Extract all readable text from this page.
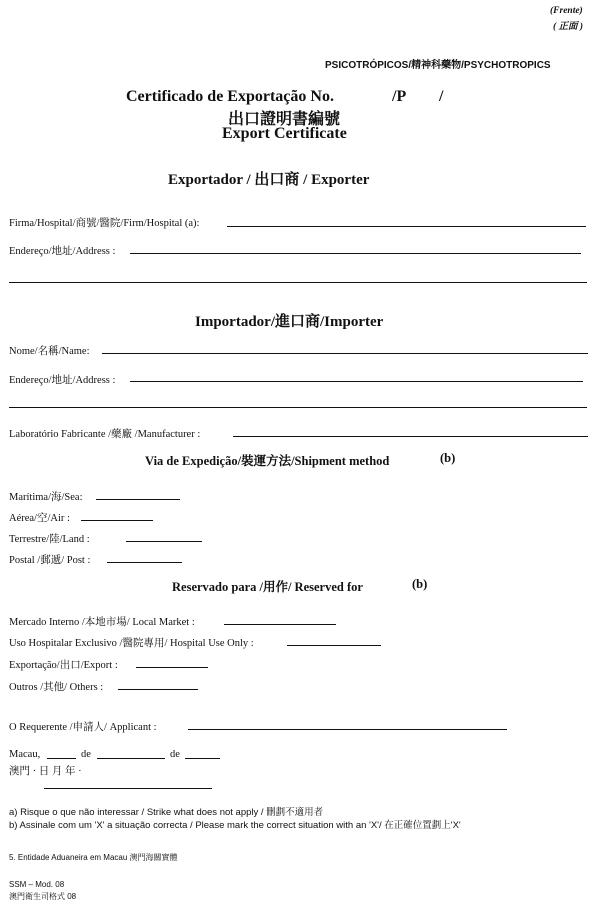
(Frente)
( 正面 )
PSICOTRÓPICOS/精神科藥物/PSYCHOTROPICS
Certificado de Exportação No.	/P /
出口證明書編號
Export Certificate
Exportador / 出口商 / Exporter
Firma/Hospital/商號/醫院/Firm/Hospital (a):
Endereço/地址/Address :
Importador/進口商/Importer
Nome/名稱/Name:
Endereço/地址/Address :
Laboratório Fabricante /藥廠 /Manufacturer :
Via de Expedição/裝運方法/Shipment method	(b)
Marítima/海/Sea:
Aérea/空/Air :
Terrestre/陸/Land :
Postal /郵遞/ Post :
Reservado para /用作/ Reserved for	(b)
Mercado Interno /本地市場/ Local Market :
Uso Hospitalar Exclusivo /醫院專用/ Hospital Use Only :
Exportação/出口/Export :
Outros /其他/ Others :
O Requerente /申請人/ Applicant :
Macau,	de	de
澳門 · 日 月 年 ·
a) Risque o que não interessar / Strike what does not apply / 刪劃不適用者
b) Assinale com um 'X' a situação correcta / Please mark the correct situation with an 'X'/ 在正確位置劃上'X'
5. Entidade Aduaneira em Macau 澳門海關實體
SSM – Mod. 08
澳門衛生司格式 08
